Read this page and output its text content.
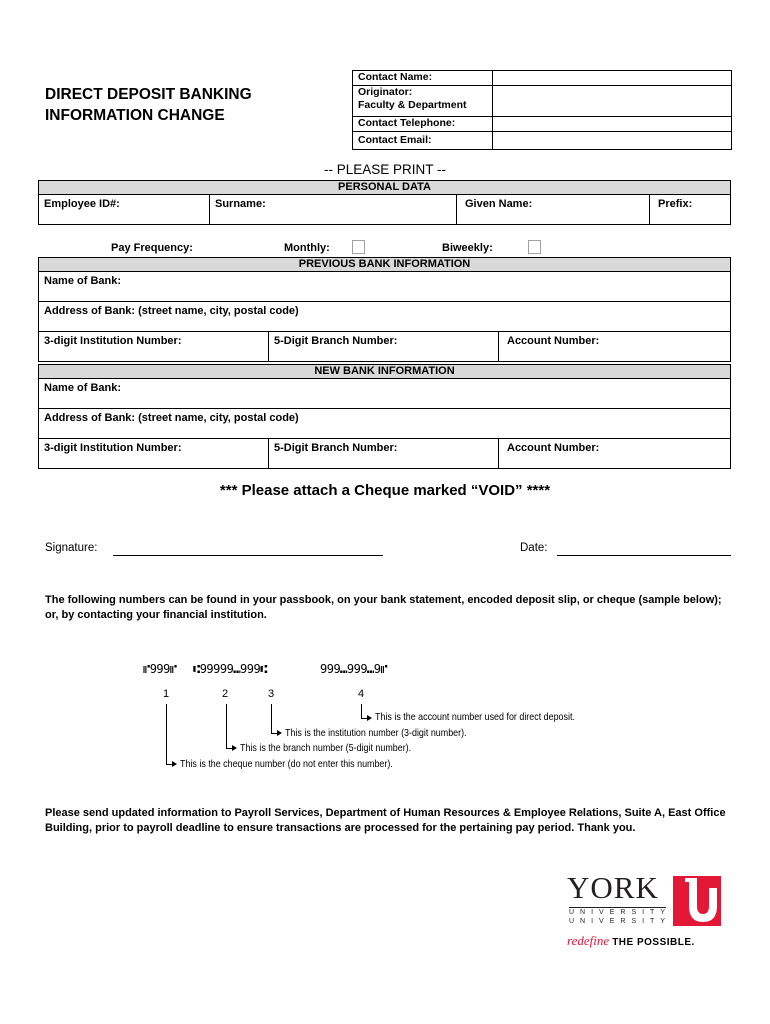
DIRECT DEPOSIT BANKING
INFORMATION CHANGE
Contact Name:	

Originator:
Faculty & Department	

Contact Telephone:	
Contact Email:	
-- PLEASE PRINT --
PERSONAL DATA
Employee ID#:	Surname:	Given Name:	Prefix:
Pay Frequency:	Monthly:	Biweekly:
PREVIOUS BANK INFORMATION
Name of Bank:
Address of Bank: (street name, city, postal code)
3-digit Institution Number:	5-Digit Branch Number:	Account Number:
NEW BANK INFORMATION
Name of Bank:
Address of Bank: (street name, city, postal code)
3-digit Institution Number:	5-Digit Branch Number:	Account Number:
*** Please attach a Cheque marked “VOID” ****
Signature:	Date:
The following numbers can be found in your passbook, on your bank statement, encoded deposit slip, or cheque (sample below); or, by contacting your financial institution.
⑈999⑈ ⑆99999⑉999⑆	999⑉999⑉9⑈
1	2	3	4
This is the account number used for direct deposit.
This is the institution number (3-digit number).
This is the branch number (5-digit number).
This is the cheque number (do not enter this number).
Please send updated information to Payroll Services, Department of Human Resources & Employee Relations, Suite A, East Office Building, prior to payroll deadline to ensure transactions are processed for the pertaining pay period. Thank you.
YORK
UNIVERSITY
UNIVERSITY
redefine THE POSSIBLE.
